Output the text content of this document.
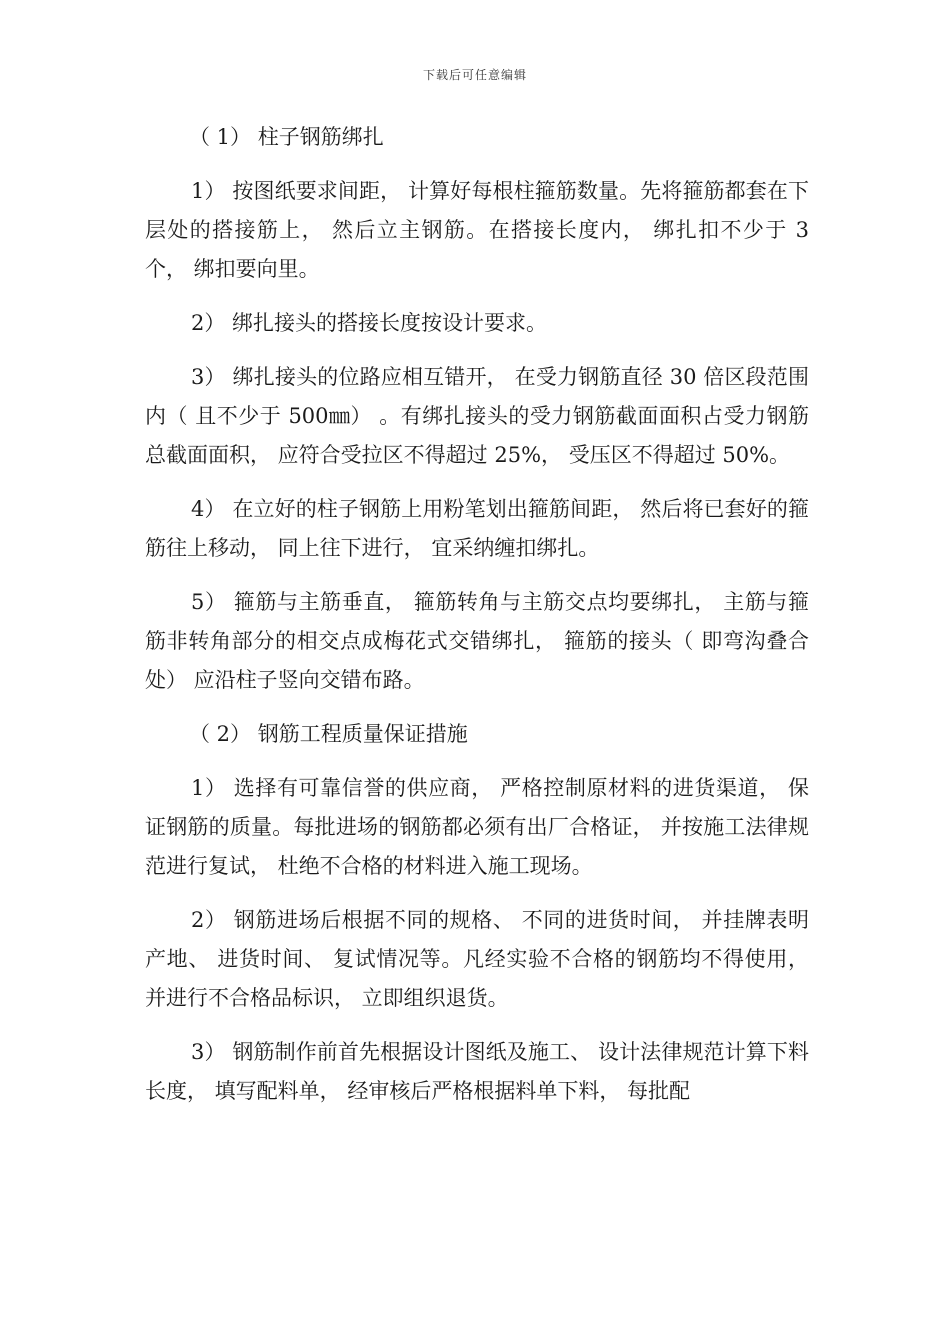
下载后可任意编辑

（ 1） 柱子钢筋绑扎

1） 按图纸要求间距， 计算好每根柱箍筋数量。先将箍筋都套在下层处的搭接筋上， 然后立主钢筋。在搭接长度内， 绑扎扣不少于 3 个， 绑扣要向里。

2） 绑扎接头的搭接长度按设计要求。

3） 绑扎接头的位路应相互错开， 在受力钢筋直径 30 倍区段范围内（ 且不少于 500㎜） 。有绑扎接头的受力钢筋截面面积占受力钢筋总截面面积， 应符合受拉区不得超过 25%， 受压区不得超过 50%。

4） 在立好的柱子钢筋上用粉笔划出箍筋间距， 然后将已套好的箍筋往上移动， 同上往下进行， 宜采纳缠扣绑扎。

5） 箍筋与主筋垂直， 箍筋转角与主筋交点均要绑扎， 主筋与箍筋非转角部分的相交点成梅花式交错绑扎， 箍筋的接头（ 即弯沟叠合处） 应沿柱子竖向交错布路。

（ 2） 钢筋工程质量保证措施

1） 选择有可靠信誉的供应商， 严格控制原材料的进货渠道， 保证钢筋的质量。每批进场的钢筋都必须有出厂合格证， 并按施工法律规范进行复试， 杜绝不合格的材料进入施工现场。

2） 钢筋进场后根据不同的规格、 不同的进货时间， 并挂牌表明产地、 进货时间、 复试情况等。凡经实验不合格的钢筋均不得使用， 并进行不合格品标识， 立即组织退货。

3） 钢筋制作前首先根据设计图纸及施工、 设计法律规范计算下料长度， 填写配料单， 经审核后严格根据料单下料， 每批配
